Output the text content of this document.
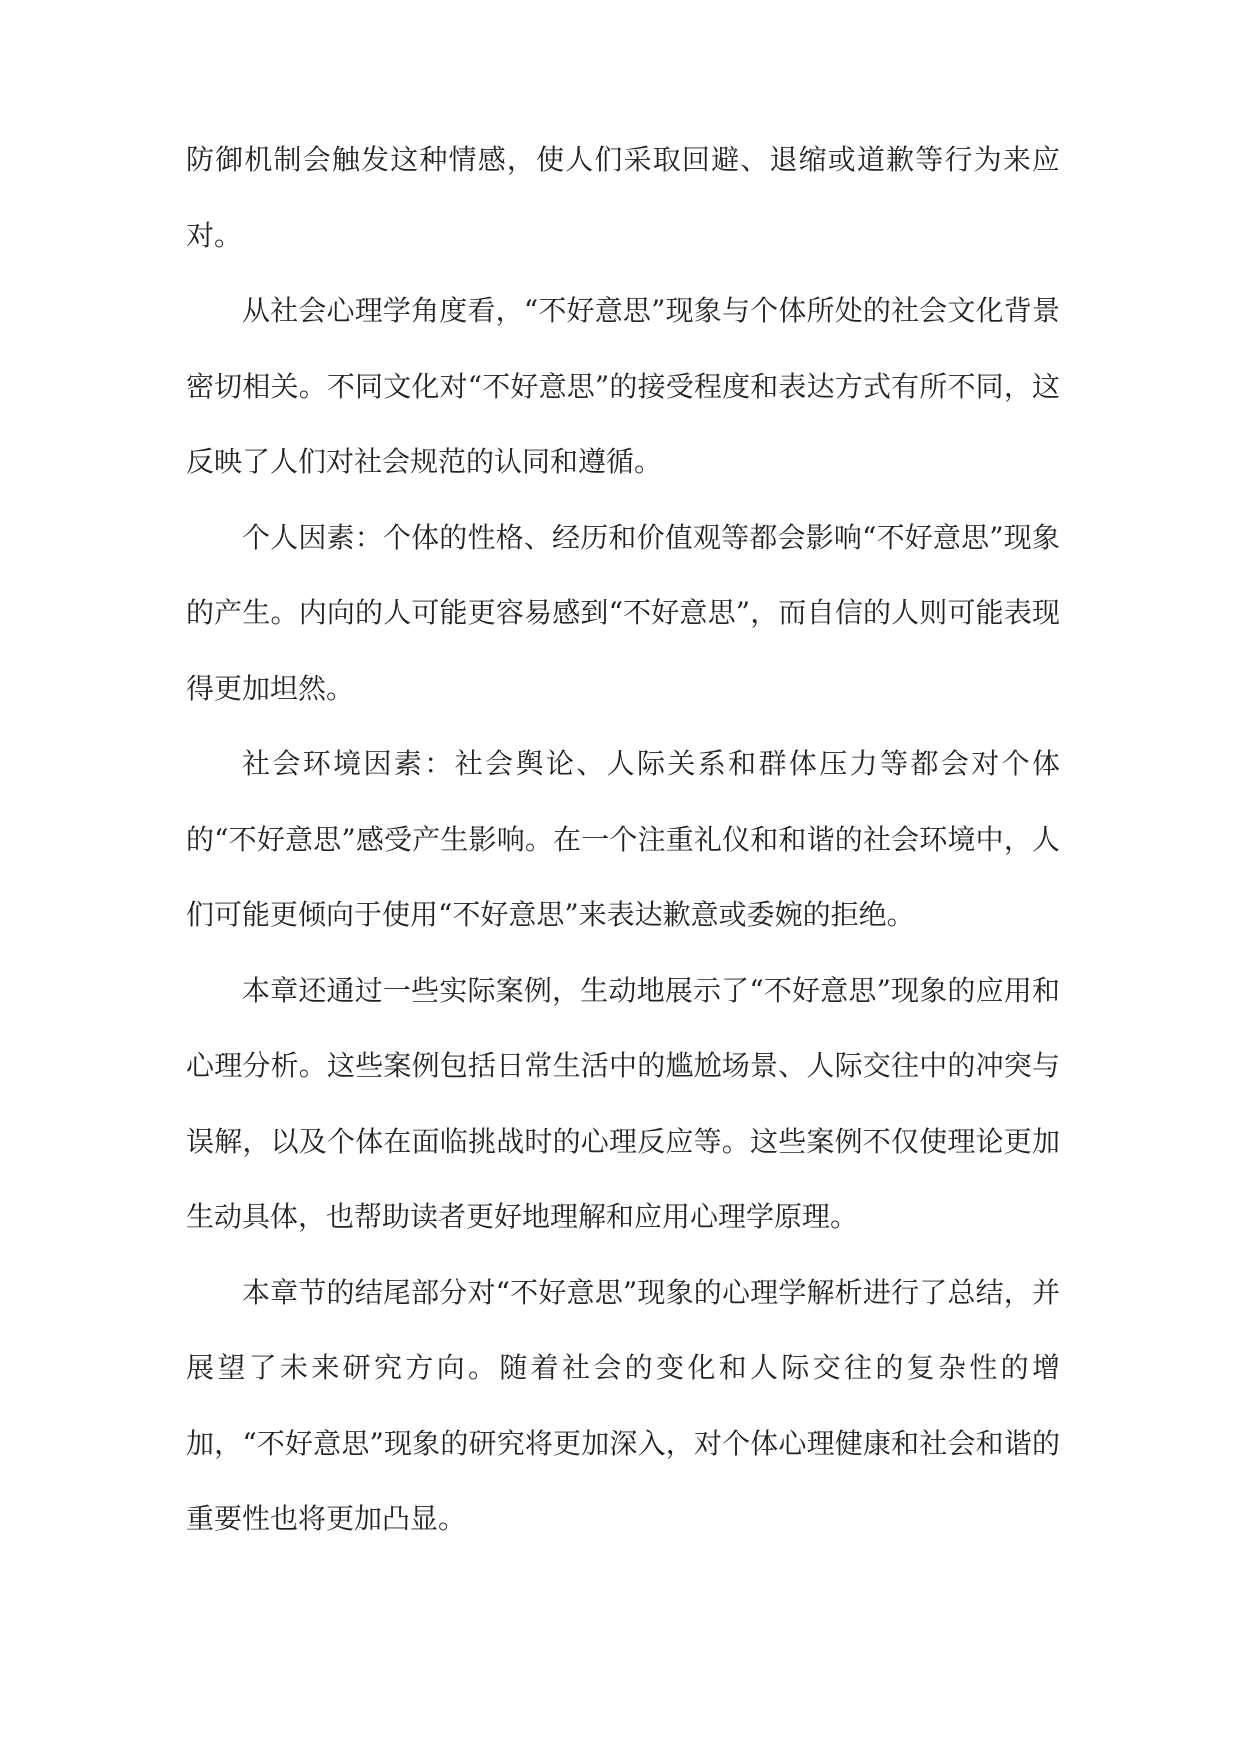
防御机制会触发这种情感，使人们采取回避、退缩或道歉等行为来应对。

从社会心理学角度看，“不好意思”现象与个体所处的社会文化背景密切相关。不同文化对“不好意思”的接受程度和表达方式有所不同，这反映了人们对社会规范的认同和遵循。

个人因素：个体的性格、经历和价值观等都会影响“不好意思”现象的产生。内向的人可能更容易感到“不好意思”，而自信的人则可能表现得更加坦然。

社会环境因素：社会舆论、人际关系和群体压力等都会对个体的“不好意思”感受产生影响。在一个注重礼仪和和谐的社会环境中，人们可能更倾向于使用“不好意思”来表达歉意或委婉的拒绝。

本章还通过一些实际案例，生动地展示了“不好意思”现象的应用和心理分析。这些案例包括日常生活中的尴尬场景、人际交往中的冲突与误解，以及个体在面临挑战时的心理反应等。这些案例不仅使理论更加生动具体，也帮助读者更好地理解和应用心理学原理。

本章节的结尾部分对“不好意思”现象的心理学解析进行了总结，并展望了未来研究方向。随着社会的变化和人际交往的复杂性的增加，“不好意思”现象的研究将更加深入，对个体心理健康和社会和谐的重要性也将更加凸显。
